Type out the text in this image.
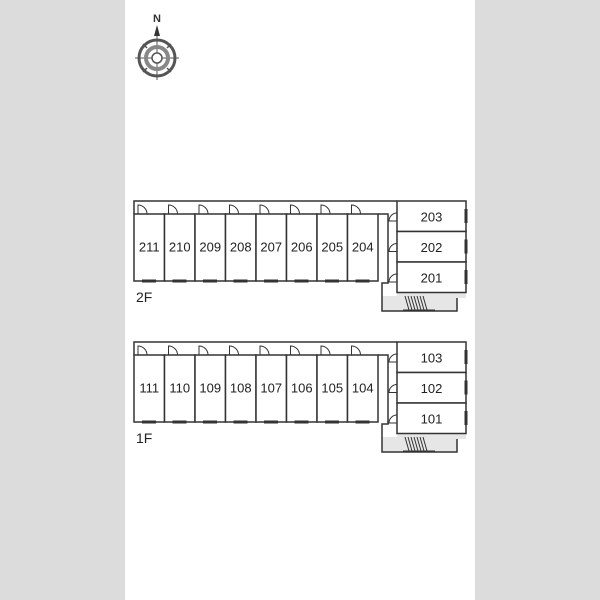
N
211 210 209 208 207 206 205 204
203
202
201
2F
111 110 109 108 107 106 105 104
103
102
101
1F
